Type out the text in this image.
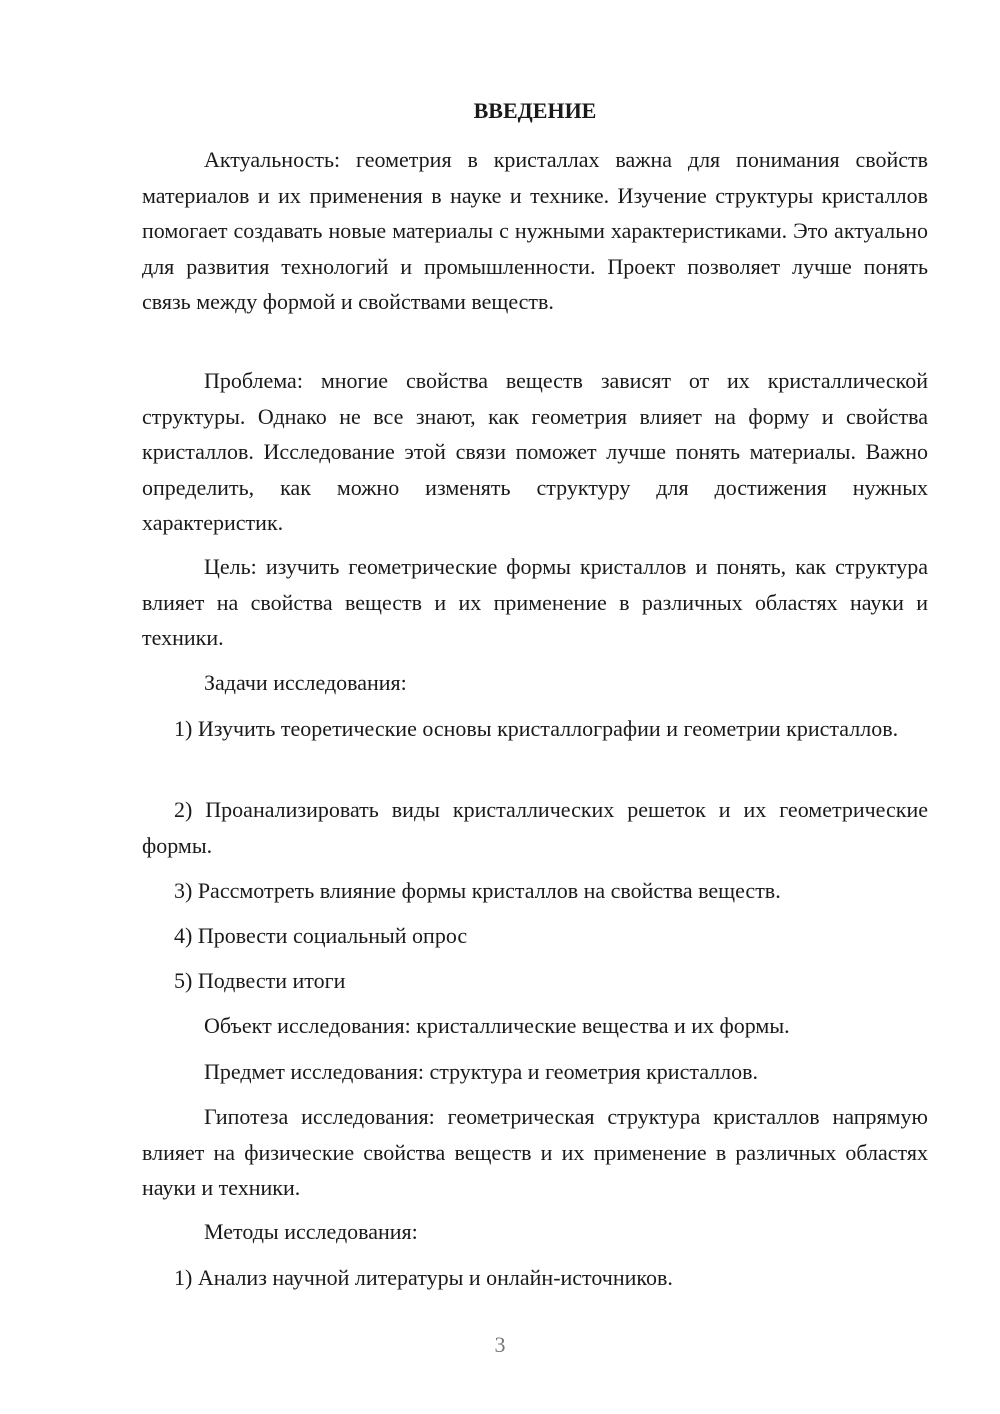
ВВЕДЕНИЕ

Актуальность: геометрия в кристаллах важна для понимания свойств материалов и их применения в науке и технике. Изучение структуры кристаллов помогает создавать новые материалы с нужными характеристиками. Это актуально для развития технологий и промышленности. Проект позволяет лучше понять связь между формой и свойствами веществ.

Проблема: многие свойства веществ зависят от их кристаллической структуры. Однако не все знают, как геометрия влияет на форму и свойства кристаллов. Исследование этой связи поможет лучше понять материалы. Важно определить, как можно изменять структуру для достижения нужных характеристик.

Цель: изучить геометрические формы кристаллов и понять, как структура влияет на свойства веществ и их применение в различных областях науки и техники.

Задачи исследования:

1) Изучить теоретические основы кристаллографии и геометрии кристаллов.

2) Проанализировать виды кристаллических решеток и их геометрические формы.

3) Рассмотреть влияние формы кристаллов на свойства веществ.

4) Провести социальный опрос

5) Подвести итоги

Объект исследования: кристаллические вещества и их формы.

Предмет исследования: структура и геометрия кристаллов.

Гипотеза исследования: геометрическая структура кристаллов напрямую влияет на физические свойства веществ и их применение в различных областях науки и техники.

Методы исследования:

1) Анализ научной литературы и онлайн-источников.

3
